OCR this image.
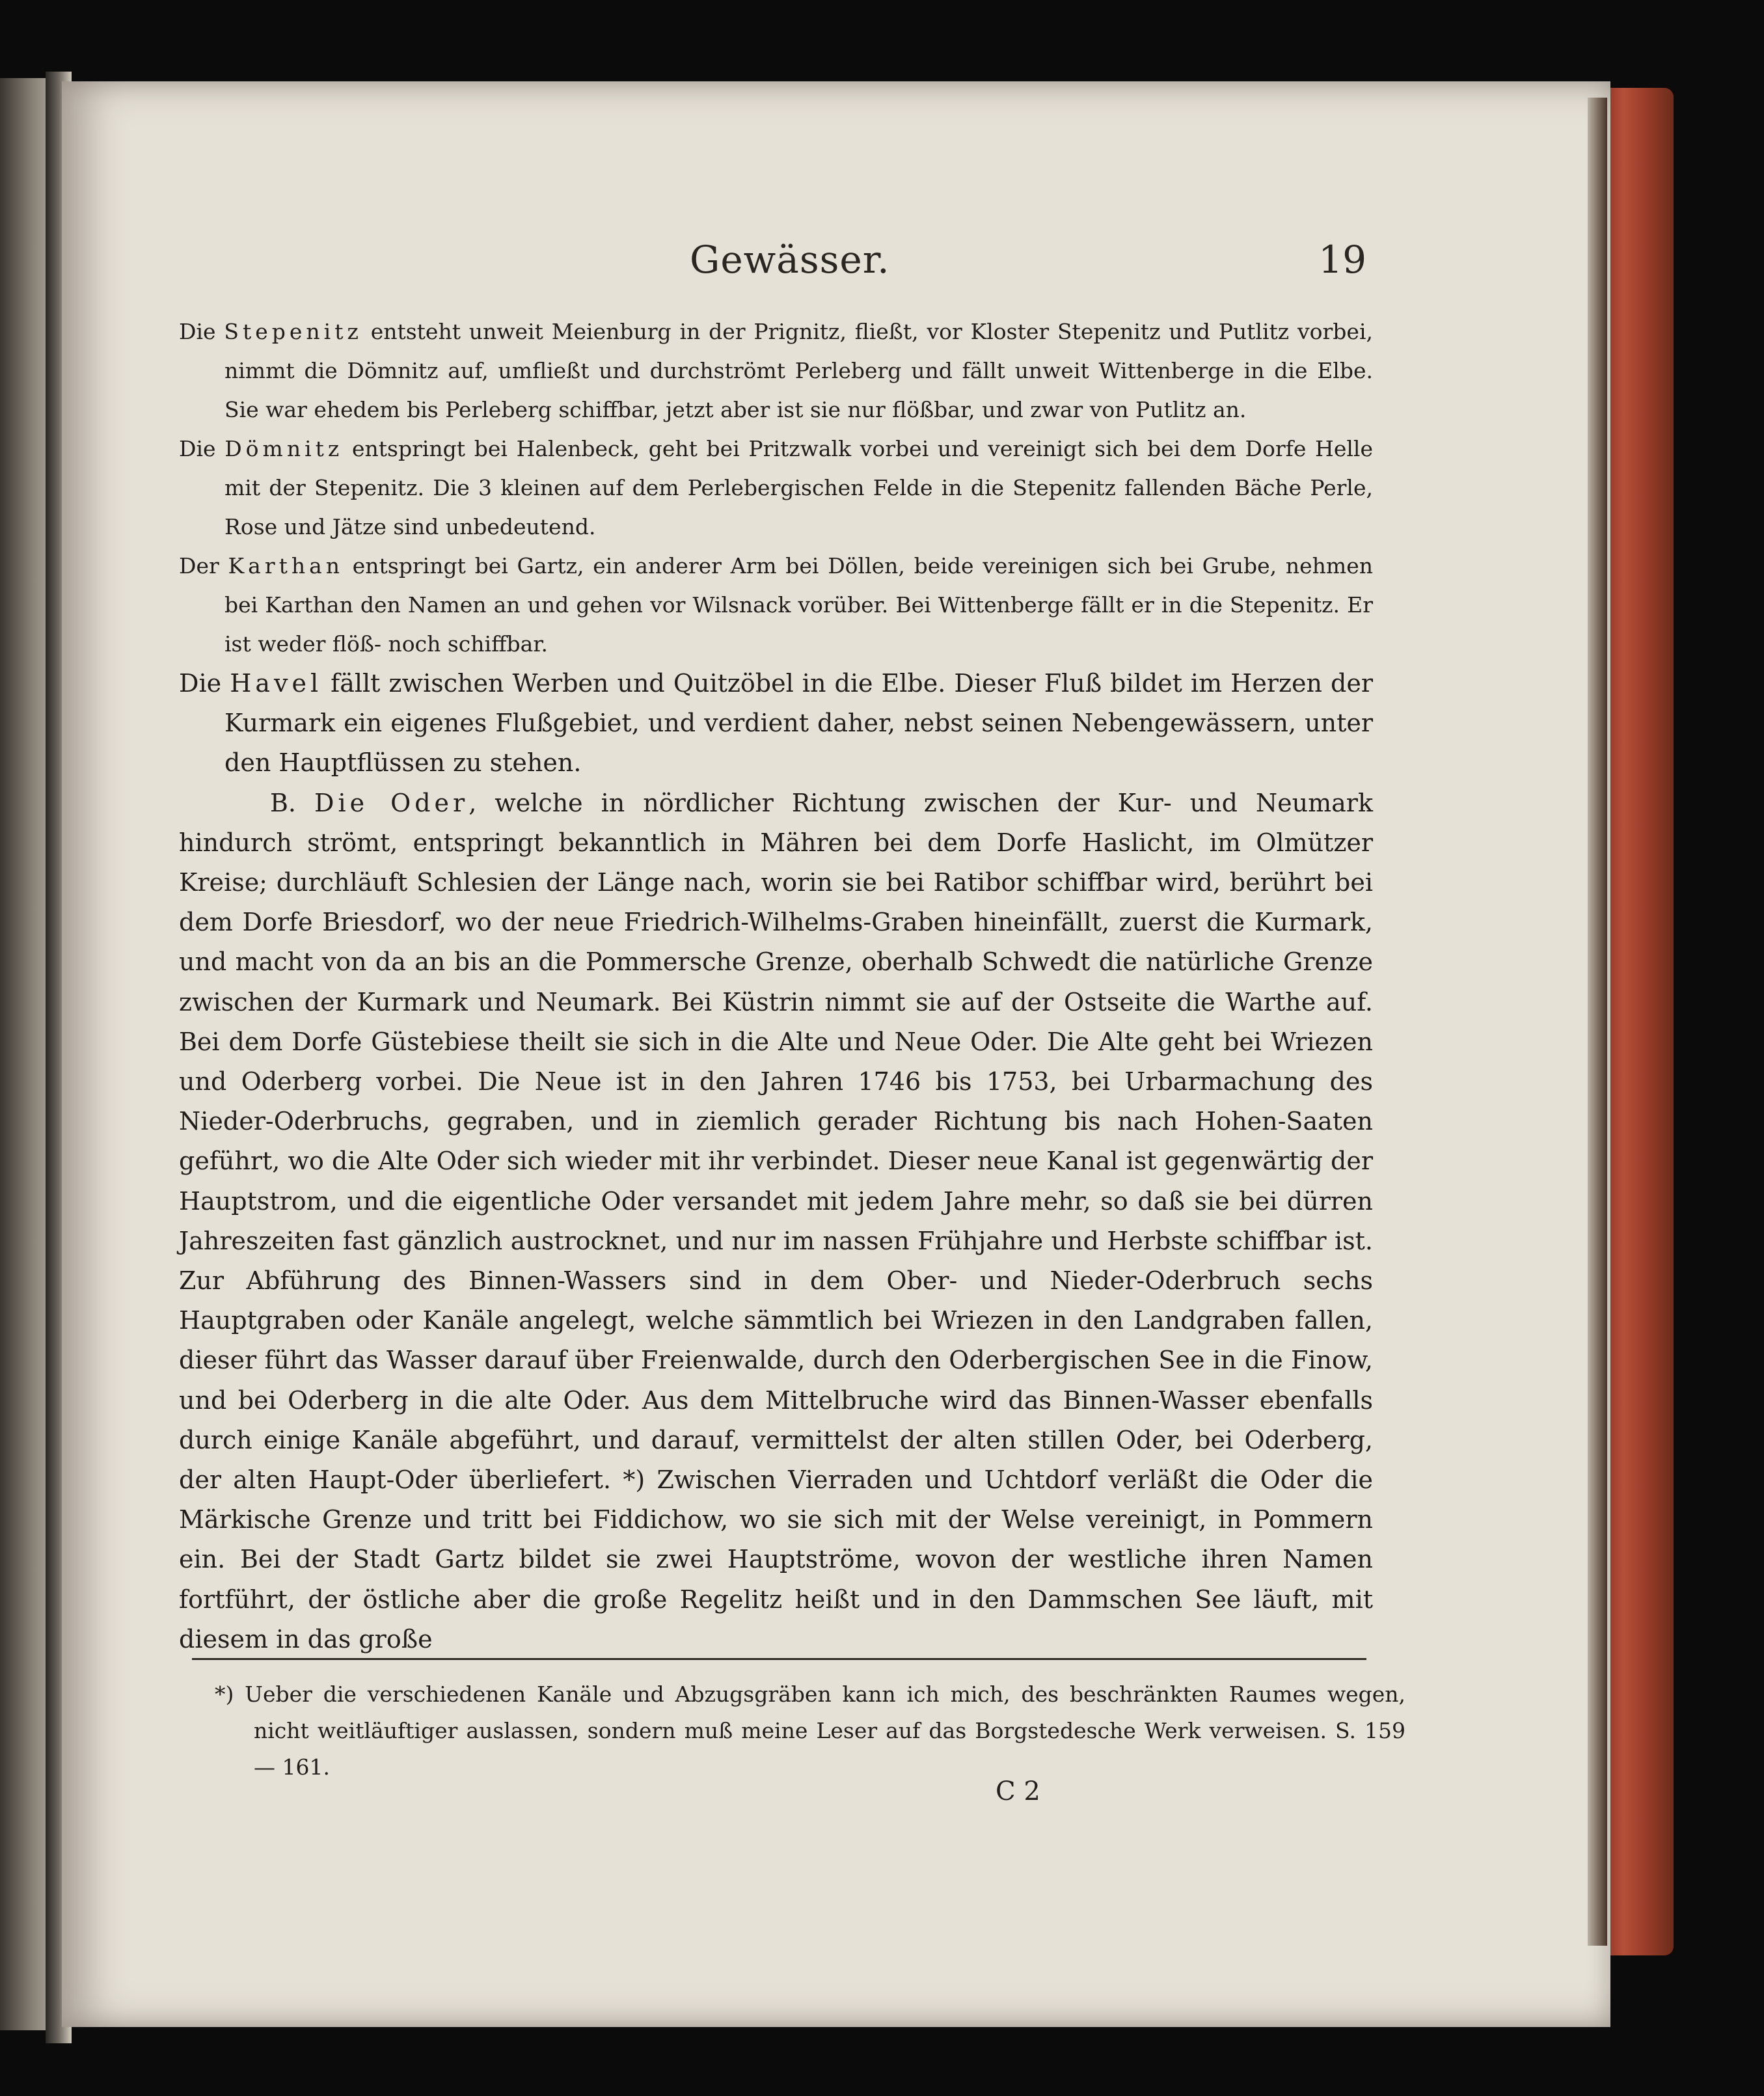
Gewässer.	19

Die Stepenitz entsteht unweit Meienburg in der Prignitz, fließt, vor Kloster Stepenitz und Putlitz vorbei, nimmt die Dömnitz auf, umfließt und durchströmt Perleberg und fällt unweit Wittenberge in die Elbe. Sie war ehedem bis Perleberg schiffbar, jetzt aber ist sie nur flößbar, und zwar von Putlitz an.

Die Dömnitz entspringt bei Halenbeck, geht bei Pritzwalk vorbei und vereinigt sich bei dem Dorfe Helle mit der Stepenitz. Die 3 kleinen auf dem Perlebergischen Felde in die Stepenitz fallenden Bäche Perle, Rose und Jätze sind unbedeutend.

Der Karthan entspringt bei Gartz, ein anderer Arm bei Döllen, beide vereinigen sich bei Grube, nehmen bei Karthan den Namen an und gehen vor Wilsnack vorüber. Bei Wittenberge fällt er in die Stepenitz. Er ist weder flöß- noch schiffbar.

Die Havel fällt zwischen Werben und Quitzöbel in die Elbe. Dieser Fluß bildet im Herzen der Kurmark ein eigenes Flußgebiet, und verdient daher, nebst seinen Nebengewässern, unter den Hauptflüssen zu stehen.

B. Die Oder, welche in nördlicher Richtung zwischen der Kur- und Neumark hindurch strömt, entspringt bekanntlich in Mähren bei dem Dorfe Haslicht, im Olmützer Kreise; durchläuft Schlesien der Länge nach, worin sie bei Ratibor schiffbar wird, berührt bei dem Dorfe Briesdorf, wo der neue Friedrich-Wilhelms-Graben hineinfällt, zuerst die Kurmark, und macht von da an bis an die Pommersche Grenze, oberhalb Schwedt die natürliche Grenze zwischen der Kurmark und Neumark. Bei Küstrin nimmt sie auf der Ostseite die Warthe auf. Bei dem Dorfe Güstebiese theilt sie sich in die Alte und Neue Oder. Die Alte geht bei Wriezen und Oderberg vorbei. Die Neue ist in den Jahren 1746 bis 1753, bei Urbarmachung des Nieder-Oderbruchs, gegraben, und in ziemlich gerader Richtung bis nach Hohen-Saaten geführt, wo die Alte Oder sich wieder mit ihr verbindet. Dieser neue Kanal ist gegenwärtig der Hauptstrom, und die eigentliche Oder versandet mit jedem Jahre mehr, so daß sie bei dürren Jahreszeiten fast gänzlich austrocknet, und nur im nassen Frühjahre und Herbste schiffbar ist. Zur Abführung des Binnen-Wassers sind in dem Ober- und Nieder-Oderbruch sechs Hauptgraben oder Kanäle angelegt, welche sämmtlich bei Wriezen in den Landgraben fallen, dieser führt das Wasser darauf über Freienwalde, durch den Oderbergischen See in die Finow, und bei Oderberg in die alte Oder. Aus dem Mittelbruche wird das Binnen-Wasser ebenfalls durch einige Kanäle abgeführt, und darauf, vermittelst der alten stillen Oder, bei Oderberg, der alten Haupt-Oder überliefert. *) Zwischen Vierraden und Uchtdorf verläßt die Oder die Märkische Grenze und tritt bei Fiddichow, wo sie sich mit der Welse vereinigt, in Pommern ein. Bei der Stadt Gartz bildet sie zwei Hauptströme, wovon der westliche ihren Namen fortführt, der östliche aber die große Regelitz heißt und in den Dammschen See läuft, mit diesem in das große

*) Ueber die verschiedenen Kanäle und Abzugsgräben kann ich mich, des beschränkten Raumes wegen, nicht weitläuftiger auslassen, sondern muß meine Leser auf das Borgstedesche Werk verweisen. S. 159 — 161.
C 2
